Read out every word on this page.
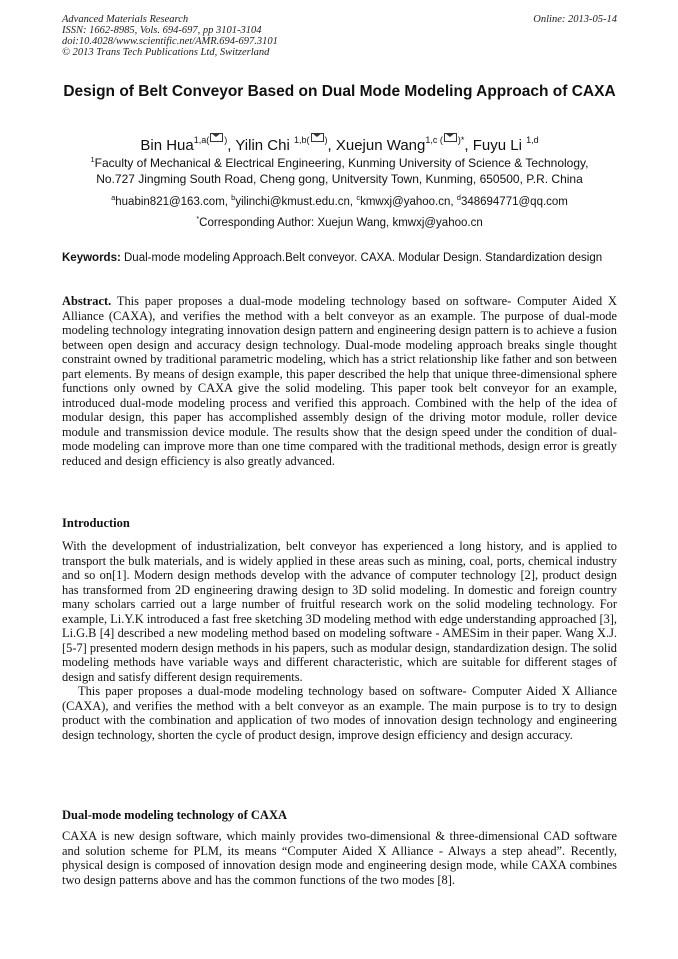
Advanced Materials Research
ISSN: 1662-8985, Vols. 694-697, pp 3101-3104
doi:10.4028/www.scientific.net/AMR.694-697.3101
© 2013 Trans Tech Publications Ltd, Switzerland
Online: 2013-05-14
Design of Belt Conveyor Based on Dual Mode Modeling Approach of CAXA
Bin Hua$^{1,a( )}$, Yilin Chi $^{1,b( )}$, Xuejun Wang$^{1,c ( )*}$, Fuyu Li $^{1,d}$
$^1$Faculty of Mechanical & Electrical Engineering, Kunming University of Science & Technology,
No.727 Jingming South Road, Cheng gong, Unitversity Town, Kunming, 650500, P.R. China
$^a$huabin821@163.com, $^b$yilinchi@kmust.edu.cn, $^c$kmwxj@yahoo.cn, $^d$348694771@qq.com
*Corresponding Author: Xuejun Wang, kmwxj@yahoo.cn
Keywords: Dual-mode modeling Approach.Belt conveyor. CAXA. Modular Design. Standardization design
Abstract. This paper proposes a dual-mode modeling technology based on software- Computer Aided X Alliance (CAXA), and verifies the method with a belt conveyor as an example. The purpose of dual-mode modeling technology integrating innovation design pattern and engineering design pattern is to achieve a fusion between open design and accuracy design technology. Dual-mode modeling approach breaks single thought constraint owned by traditional parametric modeling, which has a strict relationship like father and son between part elements. By means of design example, this paper described the help that unique three-dimensional sphere functions only owned by CAXA give the solid modeling. This paper took belt conveyor for an example, introduced dual-mode modeling process and verified this approach. Combined with the help of the idea of modular design, this paper has accomplished assembly design of the driving motor module, roller device module and transmission device module. The results show that the design speed under the condition of dual-mode modeling can improve more than one time compared with the traditional methods, design error is greatly reduced and design efficiency is also greatly advanced.
Introduction

With the development of industrialization, belt conveyor has experienced a long history, and is applied to transport the bulk materials, and is widely applied in these areas such as mining, coal, ports, chemical industry and so on[1]. Modern design methods develop with the advance of computer technology [2], product design has transformed from 2D engineering drawing design to 3D solid modeling. In domestic and foreign country many scholars carried out a large number of fruitful research work on the solid modeling technology. For example, Li.Y.K introduced a fast free sketching 3D modeling method with edge understanding approached [3], Li.G.B [4] described a new modeling method based on modeling software - AMESim in their paper. Wang X.J. [5-7] presented modern design methods in his papers, such as modular design, standardization design. The solid modeling methods have variable ways and different characteristic, which are suitable for different stages of design and satisfy different design requirements.

This paper proposes a dual-mode modeling technology based on software- Computer Aided X Alliance (CAXA), and verifies the method with a belt conveyor as an example. The main purpose is to try to design product with the combination and application of two modes of innovation design technology and engineering design technology, shorten the cycle of product design, improve design efficiency and design accuracy.

Dual-mode modeling technology of CAXA

CAXA is new design software, which mainly provides two-dimensional & three-dimensional CAD software and solution scheme for PLM, its means “Computer Aided X Alliance - Always a step ahead”. Recently, physical design is composed of innovation design mode and engineering design mode, while CAXA combines two design patterns above and has the common functions of the two modes [8].
